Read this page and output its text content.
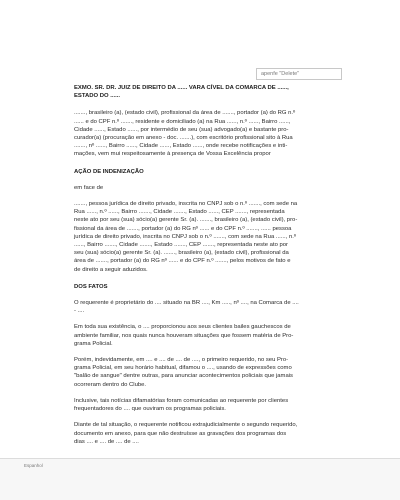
apenfe "Delete"

EXMO. SR. DR. JUIZ DE DIREITO DA ...... VARA CÍVEL DA COMARCA DE ......,
ESTADO DO ......

......., brasileiro (a), (estado civil), profissional da área de ......., portador (a) do RG n.º
...... e do CPF n.º ......., residente e domiciliado (a) na Rua ......, n.º ......, Bairro ......,
Cidade ......, Estado ......, por intermédio de seu (sua) advogado(a) e bastante pro-
curador(a) (procuração em anexo - doc. .......), com escritório profissional sito à Rua
......., nº ......, Bairro ......, Cidade ......, Estado ......, onde recebe notificações e inti-
mações, vem mui respeitosamente à presença de Vossa Excelência propor

AÇÃO DE INDENIZAÇÃO

em face de

......., pessoa jurídica de direito privado, inscrita no CNPJ sob o n.º ......., com sede na
Rua ......, n.º ......, Bairro ......., Cidade ......., Estado ......, CEP ......., representada
neste ato por seu (sua) sócio(a) gerente Sr. (a). ......., brasileiro (a), (estado civil), pro-
fissional da área de ......., portador (a) do RG nº ...... e do CPF n.º ......., ...... pessoa
jurídica de direito privado, inscrita no CNPJ sob o n.º ......., com sede na Rua ......, n.º
......, Bairro ......., Cidade ......., Estado ......., CEP ......., representada neste ato por
seu (sua) sócio(a) gerente Sr. (a). ......., brasileiro (a), (estado civil), profissional da
área de ......., portador (a) do RG nº ...... e do CPF n.º ......., pelos motivos de fato e
de direito a seguir aduzidos.

DOS FATOS

O requerente é proprietário do .... situado na BR ...., Km ....., nº ...., na Comarca de ....
- ....

Em toda sua existência, o .... proporcionou aos seus clientes bailes gauchescos de
ambiente familiar, nos quais nunca houveram situações que fossem matéria de Pro-
grama Policial.

Porém, indevidamente, em .... e .... de .... de ...., o primeiro requerido, no seu Pro-
grama Policial, em seu horário habitual, difamou o ...., usando de expressões como
"balão de sangue" dentre outras, para anunciar acontecimentos policiais que jamais
ocorreram dentro do Clube.

Inclusive, tais notícias difamatórias foram comunicadas ao requerente por clientes
frequentadores do .... que ouviram os programas policiais.

Diante de tal situação, o requerente notificou extrajudicialmente o segundo requerido,
documento em anexo, para que não destruísse as gravações dos programas dos
dias .... e .... de .... de ....

Espanhol
